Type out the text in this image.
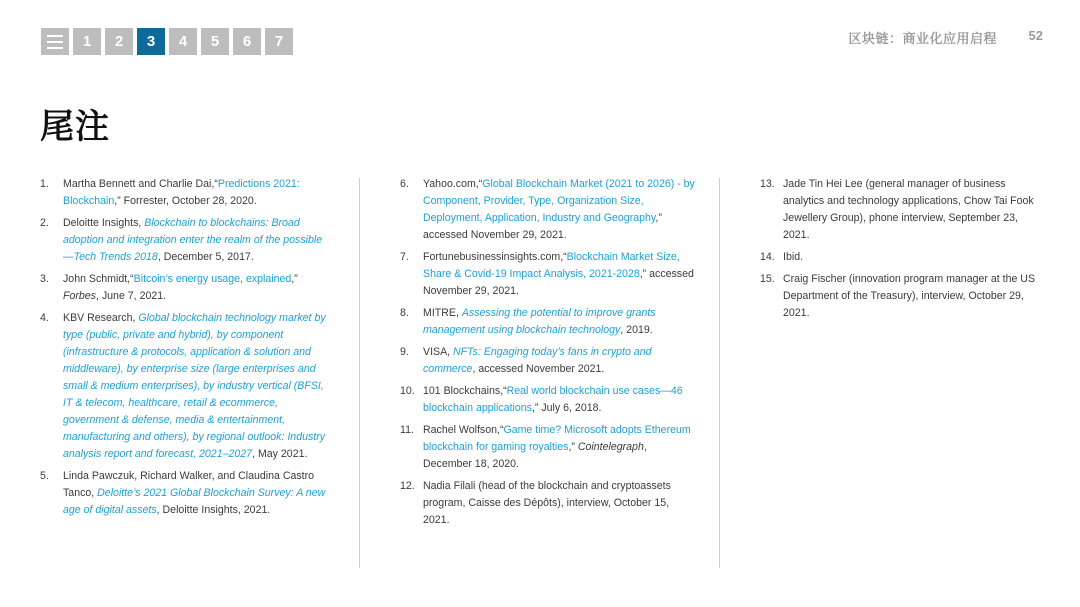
1	2	3	4	5	6	7	区块链：商业化应用启程 52
尾注
1.	Martha Bennett and Charlie Dai,“Predictions 2021: Blockchain,” Forrester, October 28, 2020.
2.	Deloitte Insights, Blockchain to blockchains: Broad adoption and integration enter the realm of the possible—Tech Trends 2018, December 5, 2017.
3.	John Schmidt,“Bitcoin’s energy usage, explained,” Forbes, June 7, 2021.
4.	KBV Research, Global blockchain technology market by type (public, private and hybrid), by component (infrastructure & protocols, application & solution and middleware), by enterprise size (large enterprises and small & medium enterprises), by industry vertical (BFSI, IT & telecom, healthcare, retail & ecommerce, government & defense, media & entertainment, manufacturing and others), by regional outlook: Industry analysis report and forecast, 2021–2027, May 2021.
5.	Linda Pawczuk, Richard Walker, and Claudina Castro Tanco, Deloitte’s 2021 Global Blockchain Survey: A new age of digital assets, Deloitte Insights, 2021.
6.	Yahoo.com,“Global Blockchain Market (2021 to 2026) - by Component, Provider, Type, Organization Size, Deployment, Application, Industry and Geography,” accessed November 29, 2021.
7.	Fortunebusinessinsights.com,“Blockchain Market Size, Share & Covid-19 Impact Analysis, 2021-2028,” accessed November 29, 2021.
8.	MITRE, Assessing the potential to improve grants management using blockchain technology, 2019.
9.	VISA, NFTs: Engaging today’s fans in crypto and commerce, accessed November 2021.
10. 101 Blockchains,“Real world blockchain use cases—46 blockchain applications,” July 6, 2018.
11. Rachel Wolfson,“Game time? Microsoft adopts Ethereum blockchain for gaming royalties,” Cointelegraph, December 18, 2020.
12. Nadia Filali (head of the blockchain and cryptoassets program, Caisse des Dépôts), interview, October 15, 2021.
13. Jade Tin Hei Lee (general manager of business analytics and technology applications, Chow Tai Fook Jewellery Group), phone interview, September 23, 2021.
14. Ibid.
15. Craig Fischer (innovation program manager at the US Department of the Treasury), interview, October 29, 2021.
